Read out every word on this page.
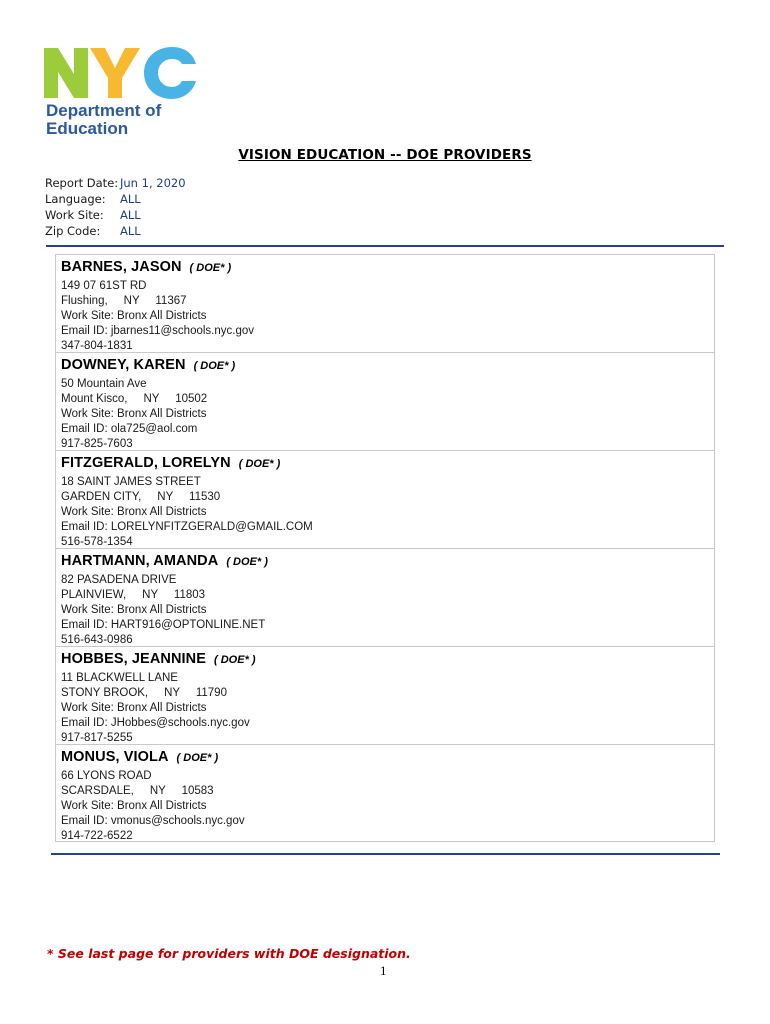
Department of
Education
VISION EDUCATION -- DOE PROVIDERS
Report Date: Jun 1, 2020
Language:	ALL
Work Site:	ALL
Zip Code:	ALL
BARNES, JASON ( DOE* )
149 07 61ST RD
Flushing,     NY     11367
Work Site: Bronx All Districts
Email ID: jbarnes11@schools.nyc.gov
347-804-1831
DOWNEY, KAREN ( DOE* )
50 Mountain Ave
Mount Kisco,     NY     10502
Work Site: Bronx All Districts
Email ID: ola725@aol.com
917-825-7603
FITZGERALD, LORELYN ( DOE* )
18 SAINT JAMES STREET
GARDEN CITY,     NY     11530
Work Site: Bronx All Districts
Email ID: LORELYNFITZGERALD@GMAIL.COM
516-578-1354
HARTMANN, AMANDA ( DOE* )
82 PASADENA DRIVE
PLAINVIEW,     NY     11803
Work Site: Bronx All Districts
Email ID: HART916@OPTONLINE.NET
516-643-0986
HOBBES, JEANNINE ( DOE* )
11 BLACKWELL LANE
STONY BROOK,     NY     11790
Work Site: Bronx All Districts
Email ID: JHobbes@schools.nyc.gov
917-817-5255
MONUS, VIOLA ( DOE* )
66 LYONS ROAD
SCARSDALE,     NY     10583
Work Site: Bronx All Districts
Email ID: vmonus@schools.nyc.gov
914-722-6522
* See last page for providers with DOE designation.
1
